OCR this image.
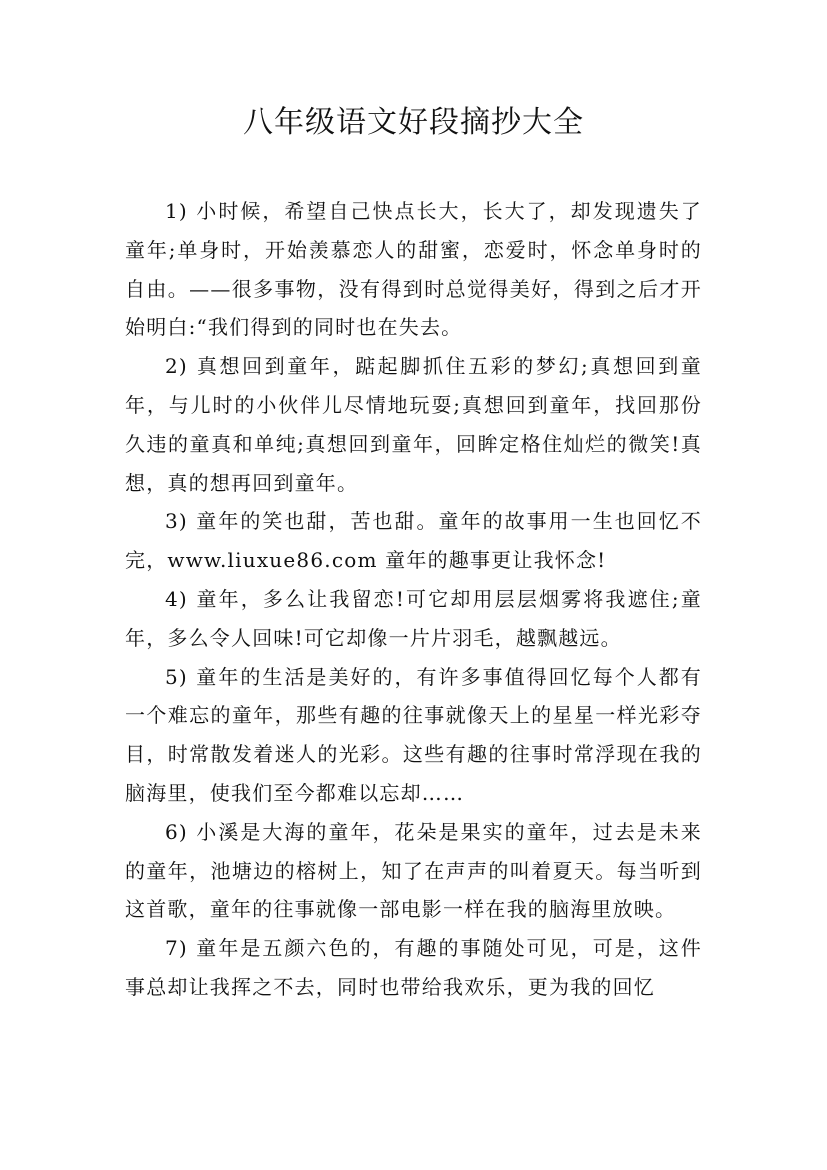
八年级语文好段摘抄大全

1) 小时候，希望自己快点长大，长大了，却发现遗失了童年;单身时，开始羡慕恋人的甜蜜，恋爱时，怀念单身时的自由。——很多事物，没有得到时总觉得美好，得到之后才开始明白:“我们得到的同时也在失去。

2) 真想回到童年，踮起脚抓住五彩的梦幻;真想回到童年，与儿时的小伙伴儿尽情地玩耍;真想回到童年，找回那份久违的童真和单纯;真想回到童年，回眸定格住灿烂的微笑!真想，真的想再回到童年。

3) 童年的笑也甜，苦也甜。童年的故事用一生也回忆不完，www.liuxue86.com 童年的趣事更让我怀念!

4) 童年，多么让我留恋!可它却用层层烟雾将我遮住;童年，多么令人回味!可它却像一片片羽毛，越飘越远。

5) 童年的生活是美好的，有许多事值得回忆每个人都有一个难忘的童年，那些有趣的往事就像天上的星星一样光彩夺目，时常散发着迷人的光彩。这些有趣的往事时常浮现在我的脑海里，使我们至今都难以忘却……

6) 小溪是大海的童年，花朵是果实的童年，过去是未来的童年，池塘边的榕树上，知了在声声的叫着夏天。每当听到这首歌，童年的往事就像一部电影一样在我的脑海里放映。

7) 童年是五颜六色的，有趣的事随处可见，可是，这件事总却让我挥之不去，同时也带给我欢乐，更为我的回忆
